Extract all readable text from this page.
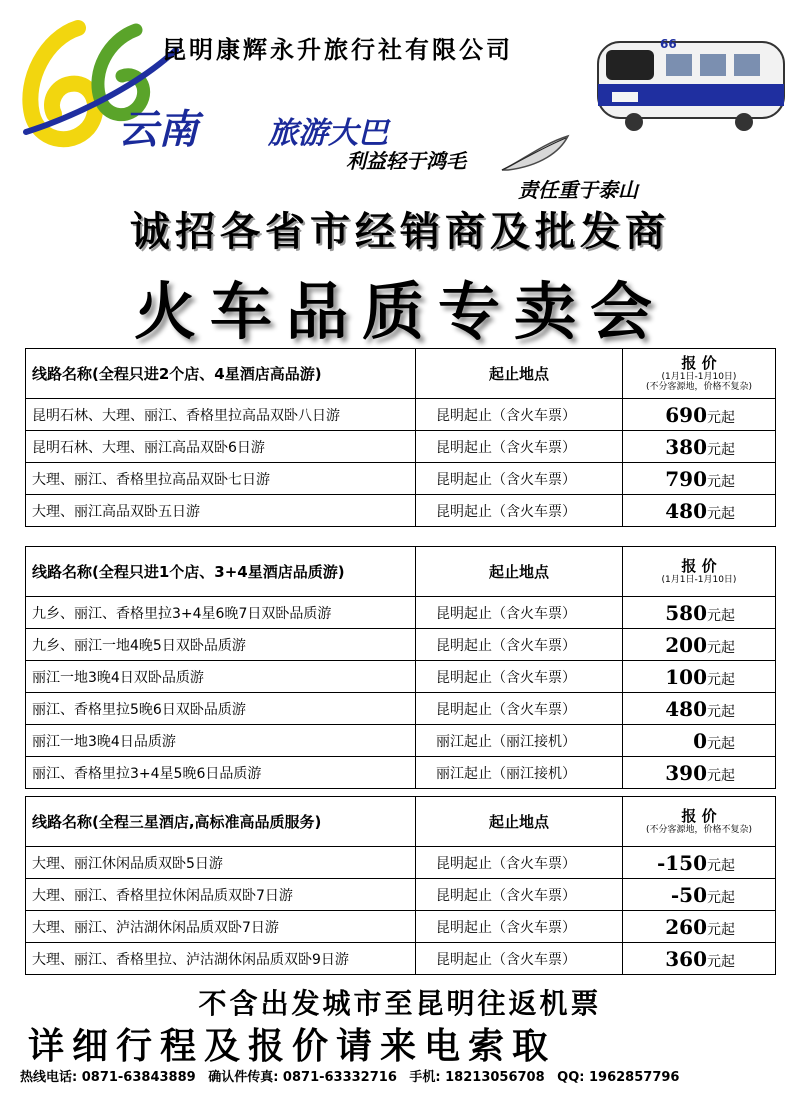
昆明康辉永升旅行社有限公司
云南 旅游大巴
利益轻于鸿毛
责任重于泰山
66
诚招各省市经销商及批发商
火车品质专卖会
线路名称(全程只进2个店、4星酒店高品游)	起止地点	报 价
(1月1日-1月10日)
(不分客源地，价格不复杂)

昆明石林、大理、丽江、香格里拉高品双卧八日游	昆明起止（含火车票）	690元起
昆明石林、大理、丽江高品双卧6日游	昆明起止（含火车票）	380元起
大理、丽江、香格里拉高品双卧七日游	昆明起止（含火车票）	790元起
大理、丽江高品双卧五日游	昆明起止（含火车票）	480元起
线路名称(全程只进1个店、3+4星酒店品质游)	起止地点	报 价
(1月1日-1月10日)

九乡、丽江、香格里拉3+4星6晚7日双卧品质游	昆明起止（含火车票）	580元起
九乡、丽江一地4晚5日双卧品质游	昆明起止（含火车票）	200元起
丽江一地3晚4日双卧品质游	昆明起止（含火车票）	100元起
丽江、香格里拉5晚6日双卧品质游	昆明起止（含火车票）	480元起
丽江一地3晚4日品质游	丽江起止（丽江接机）	0元起
丽江、香格里拉3+4星5晚6日品质游	丽江起止（丽江接机）	390元起
线路名称(全程三星酒店,高标准高品质服务)	起止地点	报 价
(不分客源地，价格不复杂)

大理、丽江休闲品质双卧5日游	昆明起止（含火车票）	-150元起
大理、丽江、香格里拉休闲品质双卧7日游	昆明起止（含火车票）	-50元起
大理、丽江、泸沽湖休闲品质双卧7日游	昆明起止（含火车票）	260元起
大理、丽江、香格里拉、泸沽湖休闲品质双卧9日游	昆明起止（含火车票）	360元起
不含出发城市至昆明往返机票
详细行程及报价请来电索取
热线电话: 0871-63843889 确认件传真: 0871-63332716 手机: 18213056708 QQ: 1962857796
